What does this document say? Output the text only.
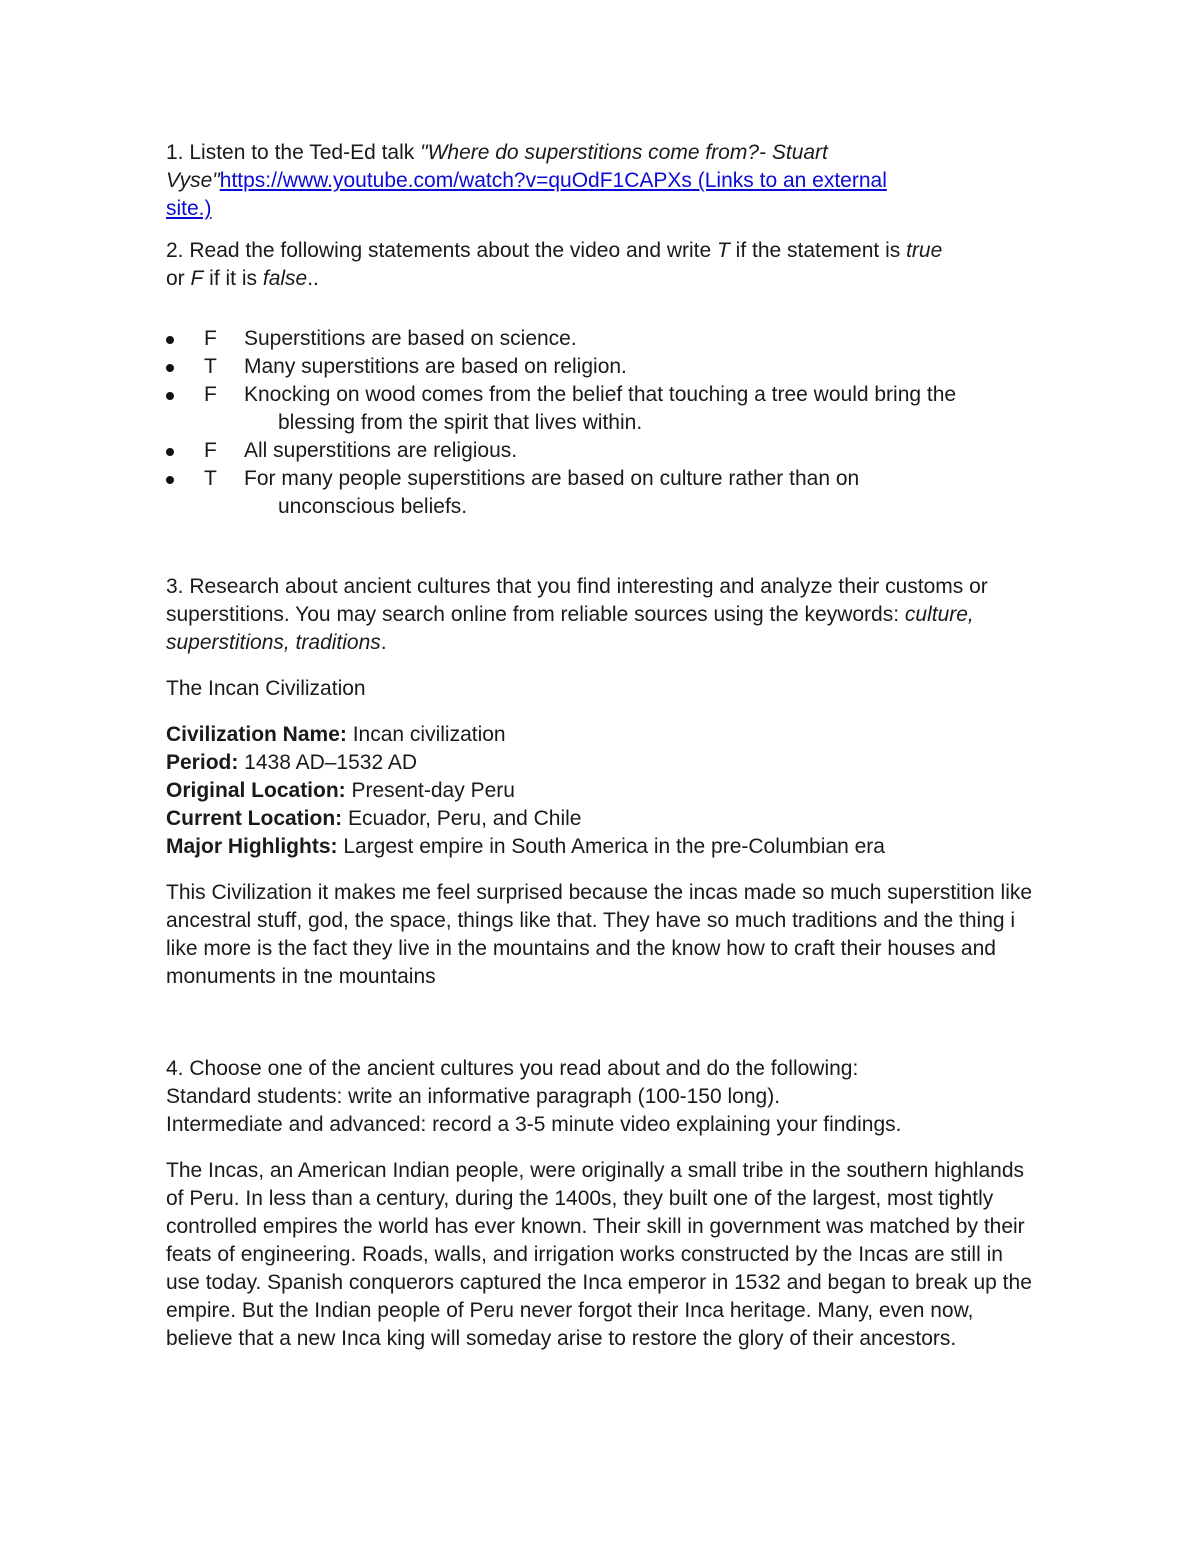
1. Listen to the Ted-Ed talk "Where do superstitions come from?- Stuart Vyse"https://www.youtube.com/watch?v=quOdF1CAPXs (Links to an external site.)

2. Read the following statements about the video and write T if the statement is true or F if it is false..

F Superstitions are based on science.
T Many superstitions are based on religion.
F Knocking on wood comes from the belief that touching a tree would bring the blessing from the spirit that lives within.
F All superstitions are religious.
T For many people superstitions are based on culture rather than on unconscious beliefs.

3. Research about ancient cultures that you find interesting and analyze their customs or superstitions. You may search online from reliable sources using the keywords: culture, superstitions, traditions.

The Incan Civilization

Civilization Name: Incan civilization

Period: 1438 AD–1532 AD

Original Location: Present-day Peru

Current Location: Ecuador, Peru, and Chile

Major Highlights: Largest empire in South America in the pre-Columbian era

This Civilization it makes me feel surprised because the incas made so much superstition like ancestral stuff, god, the space, things like that. They have so much traditions and the thing i like more is the fact they live in the mountains and the know how to craft their houses and monuments in tne mountains

4. Choose one of the ancient cultures you read about and do the following:

Standard students: write an informative paragraph (100-150 long).

Intermediate and advanced: record a 3-5 minute video explaining your findings.

The Incas, an American Indian people, were originally a small tribe in the southern highlands of Peru. In less than a century, during the 1400s, they built one of the largest, most tightly controlled empires the world has ever known. Their skill in government was matched by their feats of engineering. Roads, walls, and irrigation works constructed by the Incas are still in use today. Spanish conquerors captured the Inca emperor in 1532 and began to break up the empire. But the Indian people of Peru never forgot their Inca heritage. Many, even now, believe that a new Inca king will someday arise to restore the glory of their ancestors.
